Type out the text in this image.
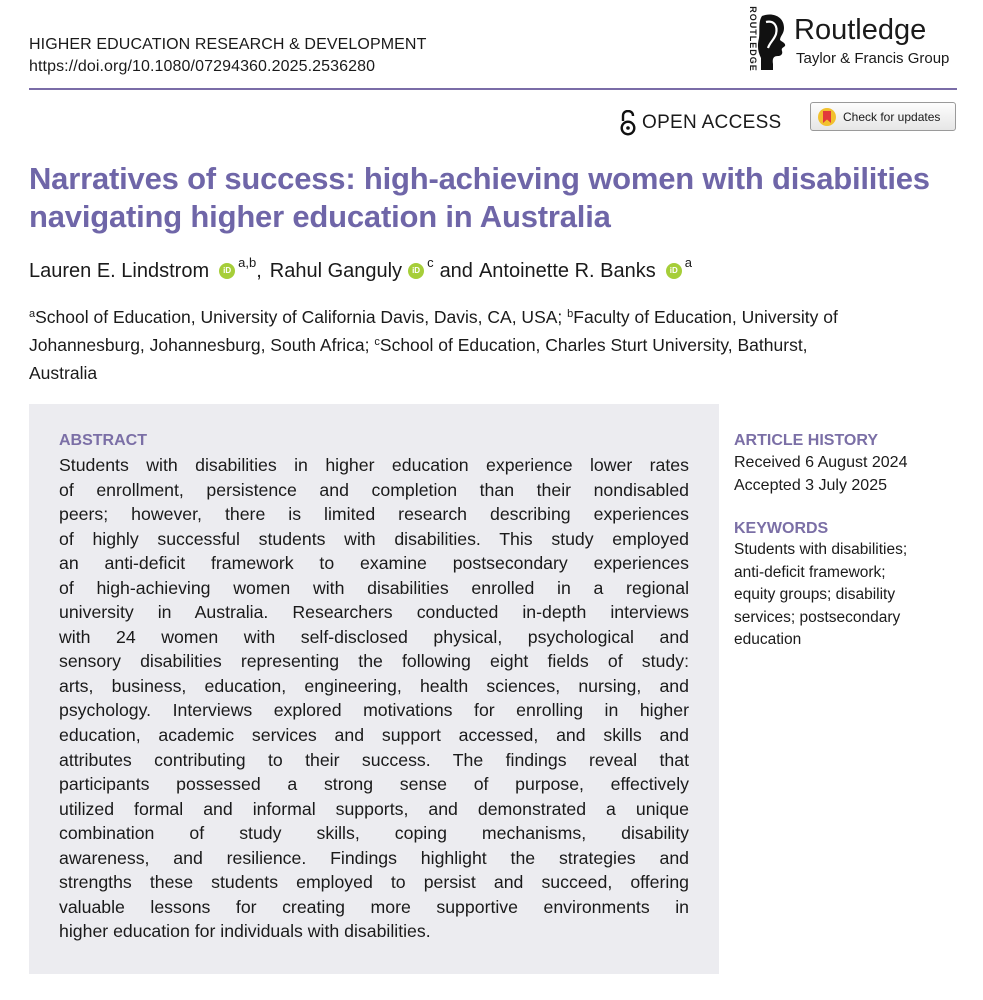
HIGHER EDUCATION RESEARCH & DEVELOPMENT
https://doi.org/10.1080/07294360.2025.2536280	ROUTLEDGE Routledge
Taylor & Francis Group
OPEN ACCESS	Check for updates
Narratives of success: high-achieving women with disabilities navigating higher education in Australia
Lauren E. Lindstrom	iD
a,b , Rahul Ganguly	iD
c and Antoinette R. Banks	iD
a
$^a$School of Education, University of California Davis, Davis, CA, USA; $^b$Faculty of Education, University of
Johannesburg, Johannesburg, South Africa; $^c$School of Education, Charles Sturt University, Bathurst,
Australia
ABSTRACT
Students with disabilities in higher education experience lower rates
of enrollment, persistence and completion than their nondisabled
peers; however, there is limited research describing experiences
of highly successful students with disabilities. This study employed
an anti-deficit framework to examine postsecondary experiences
of high-achieving women with disabilities enrolled in a regional
university in Australia. Researchers conducted in-depth interviews
with 24 women with self-disclosed physical, psychological and
sensory disabilities representing the following eight fields of study:
arts, business, education, engineering, health sciences, nursing, and
psychology. Interviews explored motivations for enrolling in higher
education, academic services and support accessed, and skills and
attributes contributing to their success. The findings reveal that
participants possessed a strong sense of purpose, effectively
utilized formal and informal supports, and demonstrated a unique
combination of study skills, coping mechanisms, disability
awareness, and resilience. Findings highlight the strategies and
strengths these students employed to persist and succeed, offering
valuable lessons for creating more supportive environments in
higher education for individuals with disabilities.
ARTICLE HISTORY
Received 6 August 2024
Accepted 3 July 2025
KEYWORDS
Students with disabilities;
anti-deficit framework;
equity groups; disability
services; postsecondary
education
